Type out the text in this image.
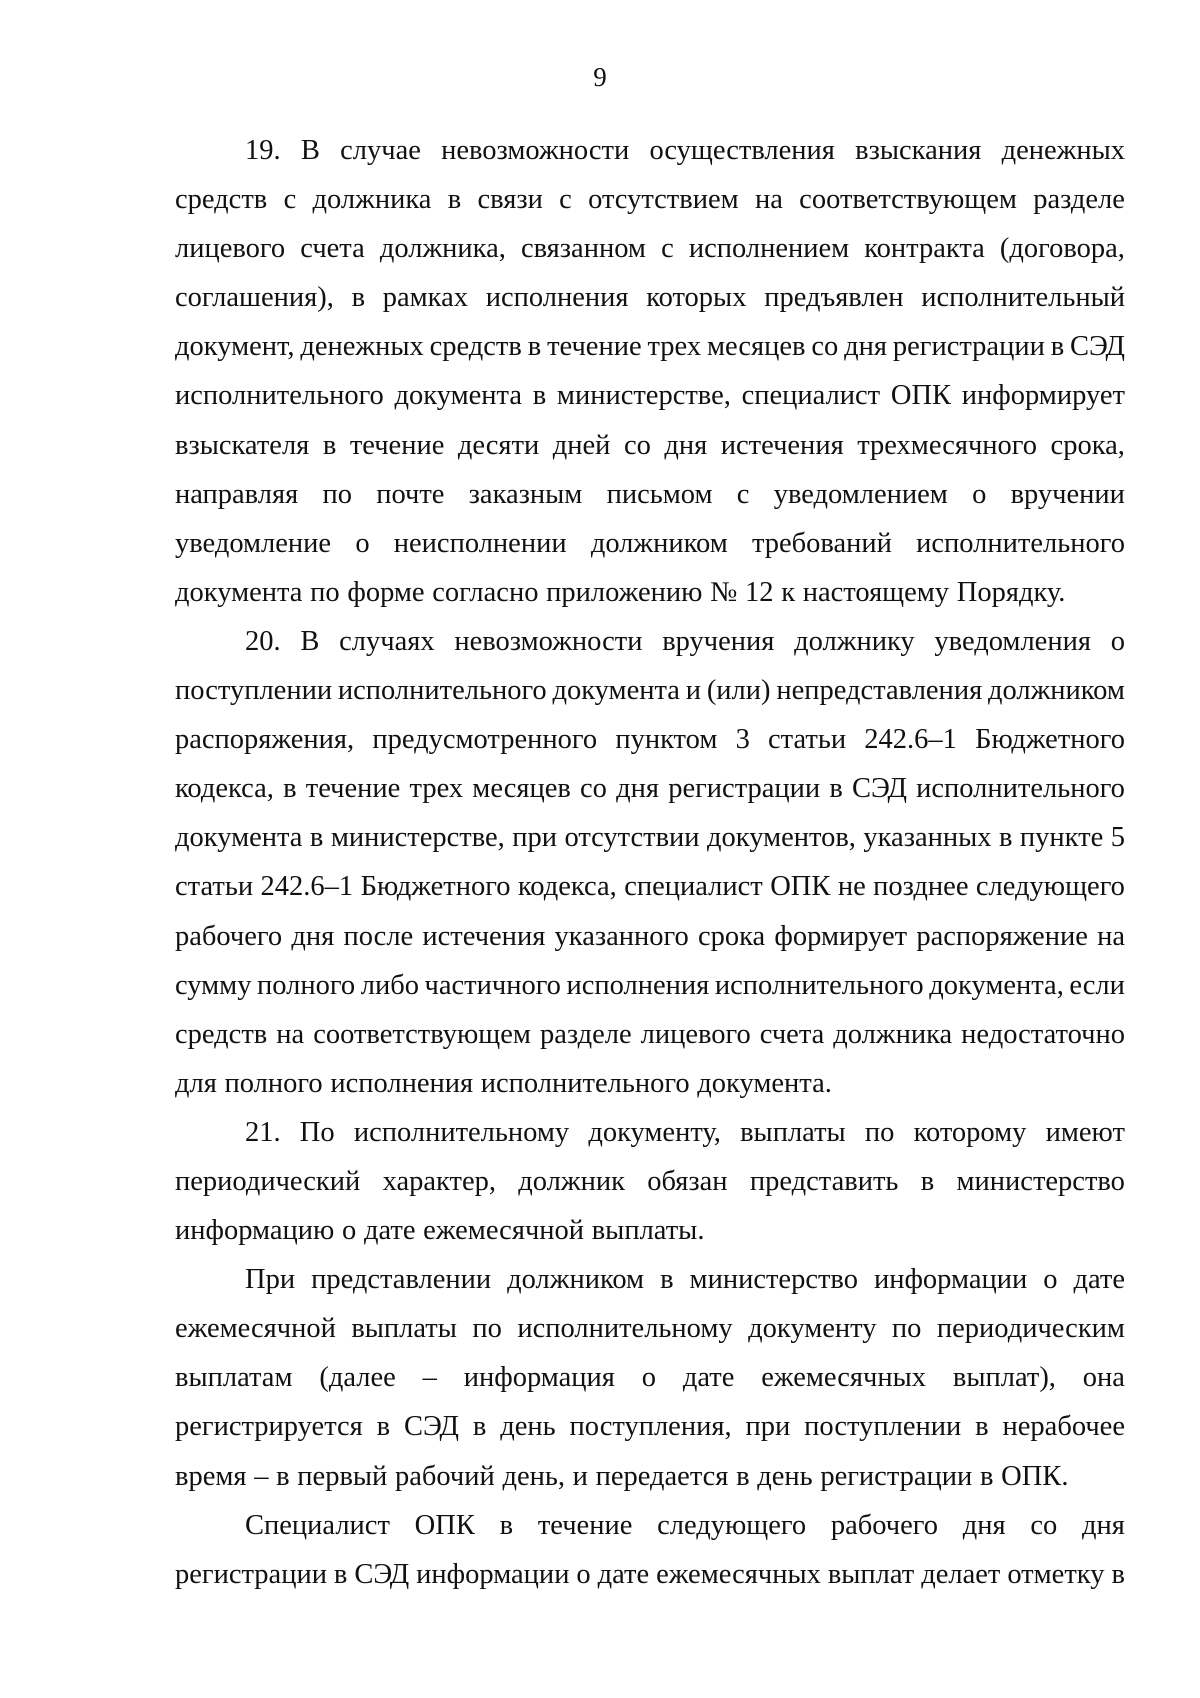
9
19. В случае невозможности осуществления взыскания денежных
средств с должника в связи с отсутствием на соответствующем разделе
лицевого счета должника, связанном с исполнением контракта (договора,
соглашения), в рамках исполнения которых предъявлен исполнительный
документ, денежных средств в течение трех месяцев со дня регистрации в СЭД
исполнительного документа в министерстве, специалист ОПК информирует
взыскателя в течение десяти дней со дня истечения трехмесячного срока,
направляя по почте заказным письмом с уведомлением о вручении
уведомление о неисполнении должником требований исполнительного
документа по форме согласно приложению № 12 к настоящему Порядку.
20. В случаях невозможности вручения должнику уведомления о
поступлении исполнительного документа и (или) непредставления должником
распоряжения, предусмотренного пунктом 3 статьи 242.6–1 Бюджетного
кодекса, в течение трех месяцев со дня регистрации в СЭД исполнительного
документа в министерстве, при отсутствии документов, указанных в пункте 5
статьи 242.6–1 Бюджетного кодекса, специалист ОПК не позднее следующего
рабочего дня после истечения указанного срока формирует распоряжение на
сумму полного либо частичного исполнения исполнительного документа, если
средств на соответствующем разделе лицевого счета должника недостаточно
для полного исполнения исполнительного документа.
21. По исполнительному документу, выплаты по которому имеют
периодический характер, должник обязан представить в министерство
информацию о дате ежемесячной выплаты.
При представлении должником в министерство информации о дате
ежемесячной выплаты по исполнительному документу по периодическим
выплатам (далее – информация о дате ежемесячных выплат), она
регистрируется в СЭД в день поступления, при поступлении в нерабочее
время – в первый рабочий день, и передается в день регистрации в ОПК.
Специалист ОПК в течение следующего рабочего дня со дня
регистрации в СЭД информации о дате ежемесячных выплат делает отметку в
